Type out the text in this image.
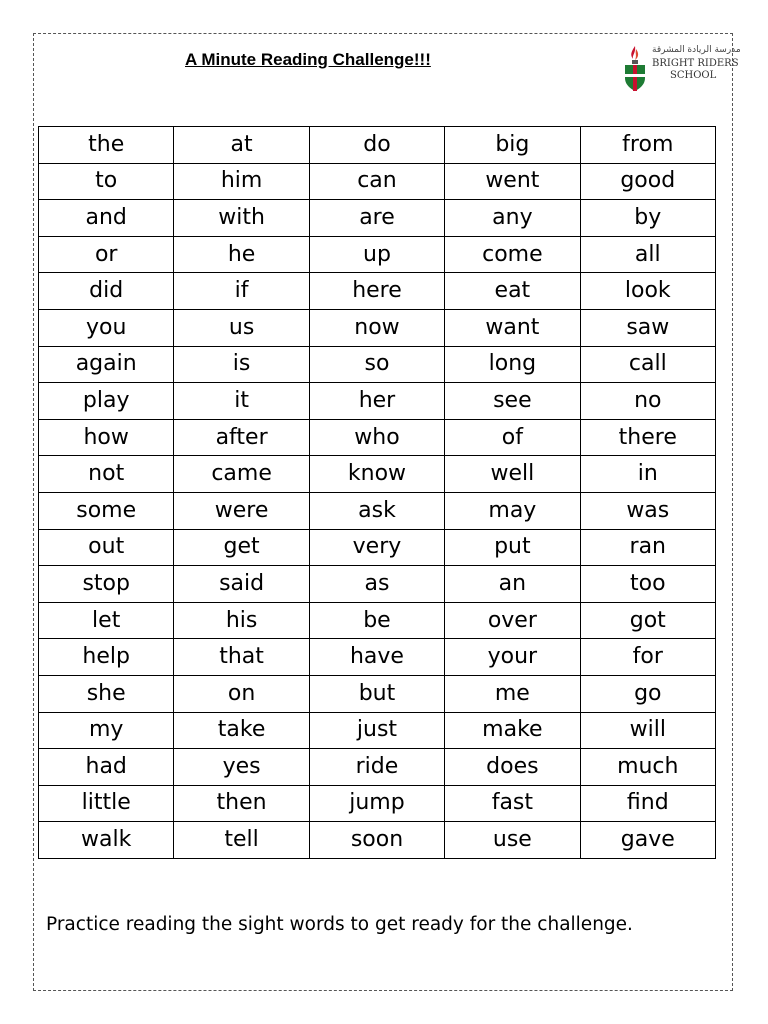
A Minute Reading Challenge!!!	مدرسة الريادة المشرقة
BRIGHT RIDERS
SCHOOL
the	at	do	big	from
to	him	can	went	good
and	with	are	any	by
or	he	up	come	all
did	if	here	eat	look
you	us	now	want	saw
again	is	so	long	call
play	it	her	see	no
how	after	who	of	there
not	came	know	well	in
some	were	ask	may	was
out	get	very	put	ran
stop	said	as	an	too
let	his	be	over	got
help	that	have	your	for
she	on	but	me	go
my	take	just	make	will
had	yes	ride	does	much
little	then	jump	fast	find
walk	tell	soon	use	gave
Practice reading the sight words to get ready for the challenge.
